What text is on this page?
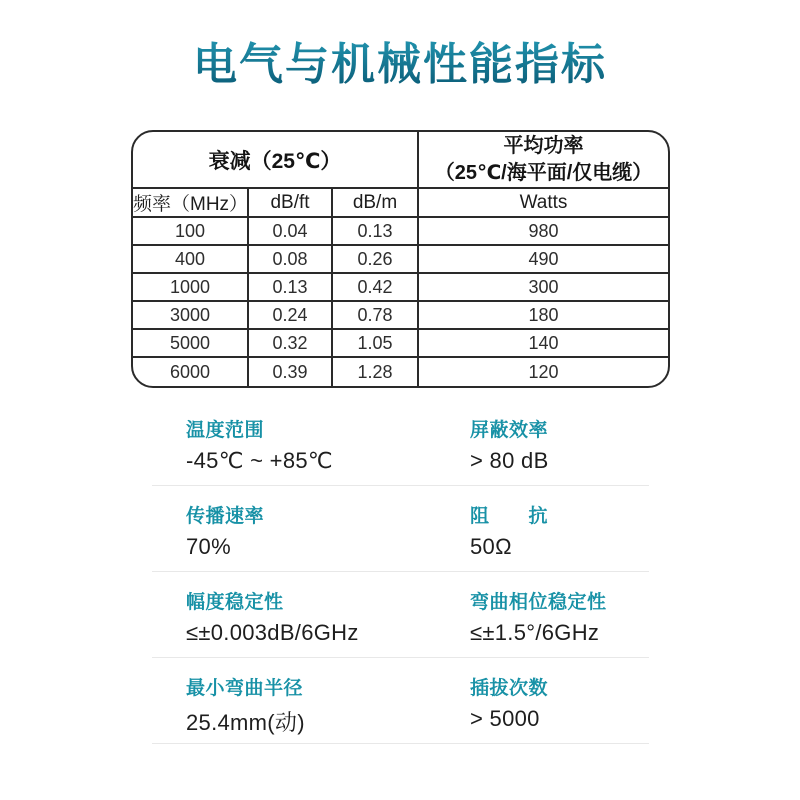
电气与机械性能指标
衰减（25℃）
平均功率
（25℃/海平面/仅电缆）
频率（MHz）	dB/ft	dB/m	Watts
100	0.04	0.13	980
400	0.08	0.26	490
1000	0.13	0.42	300
3000	0.24	0.78	180
5000	0.32	1.05	140
6000	0.39	1.28	120
温度范围
-45℃ ~ +85℃
屏蔽效率
> 80 dB
传播速率
70%
阻　　抗
50Ω
幅度稳定性
≤±0.003dB/6GHz
弯曲相位稳定性
≤±1.5°/6GHz
最小弯曲半径
25.4mm(动)
插拔次数
> 5000
